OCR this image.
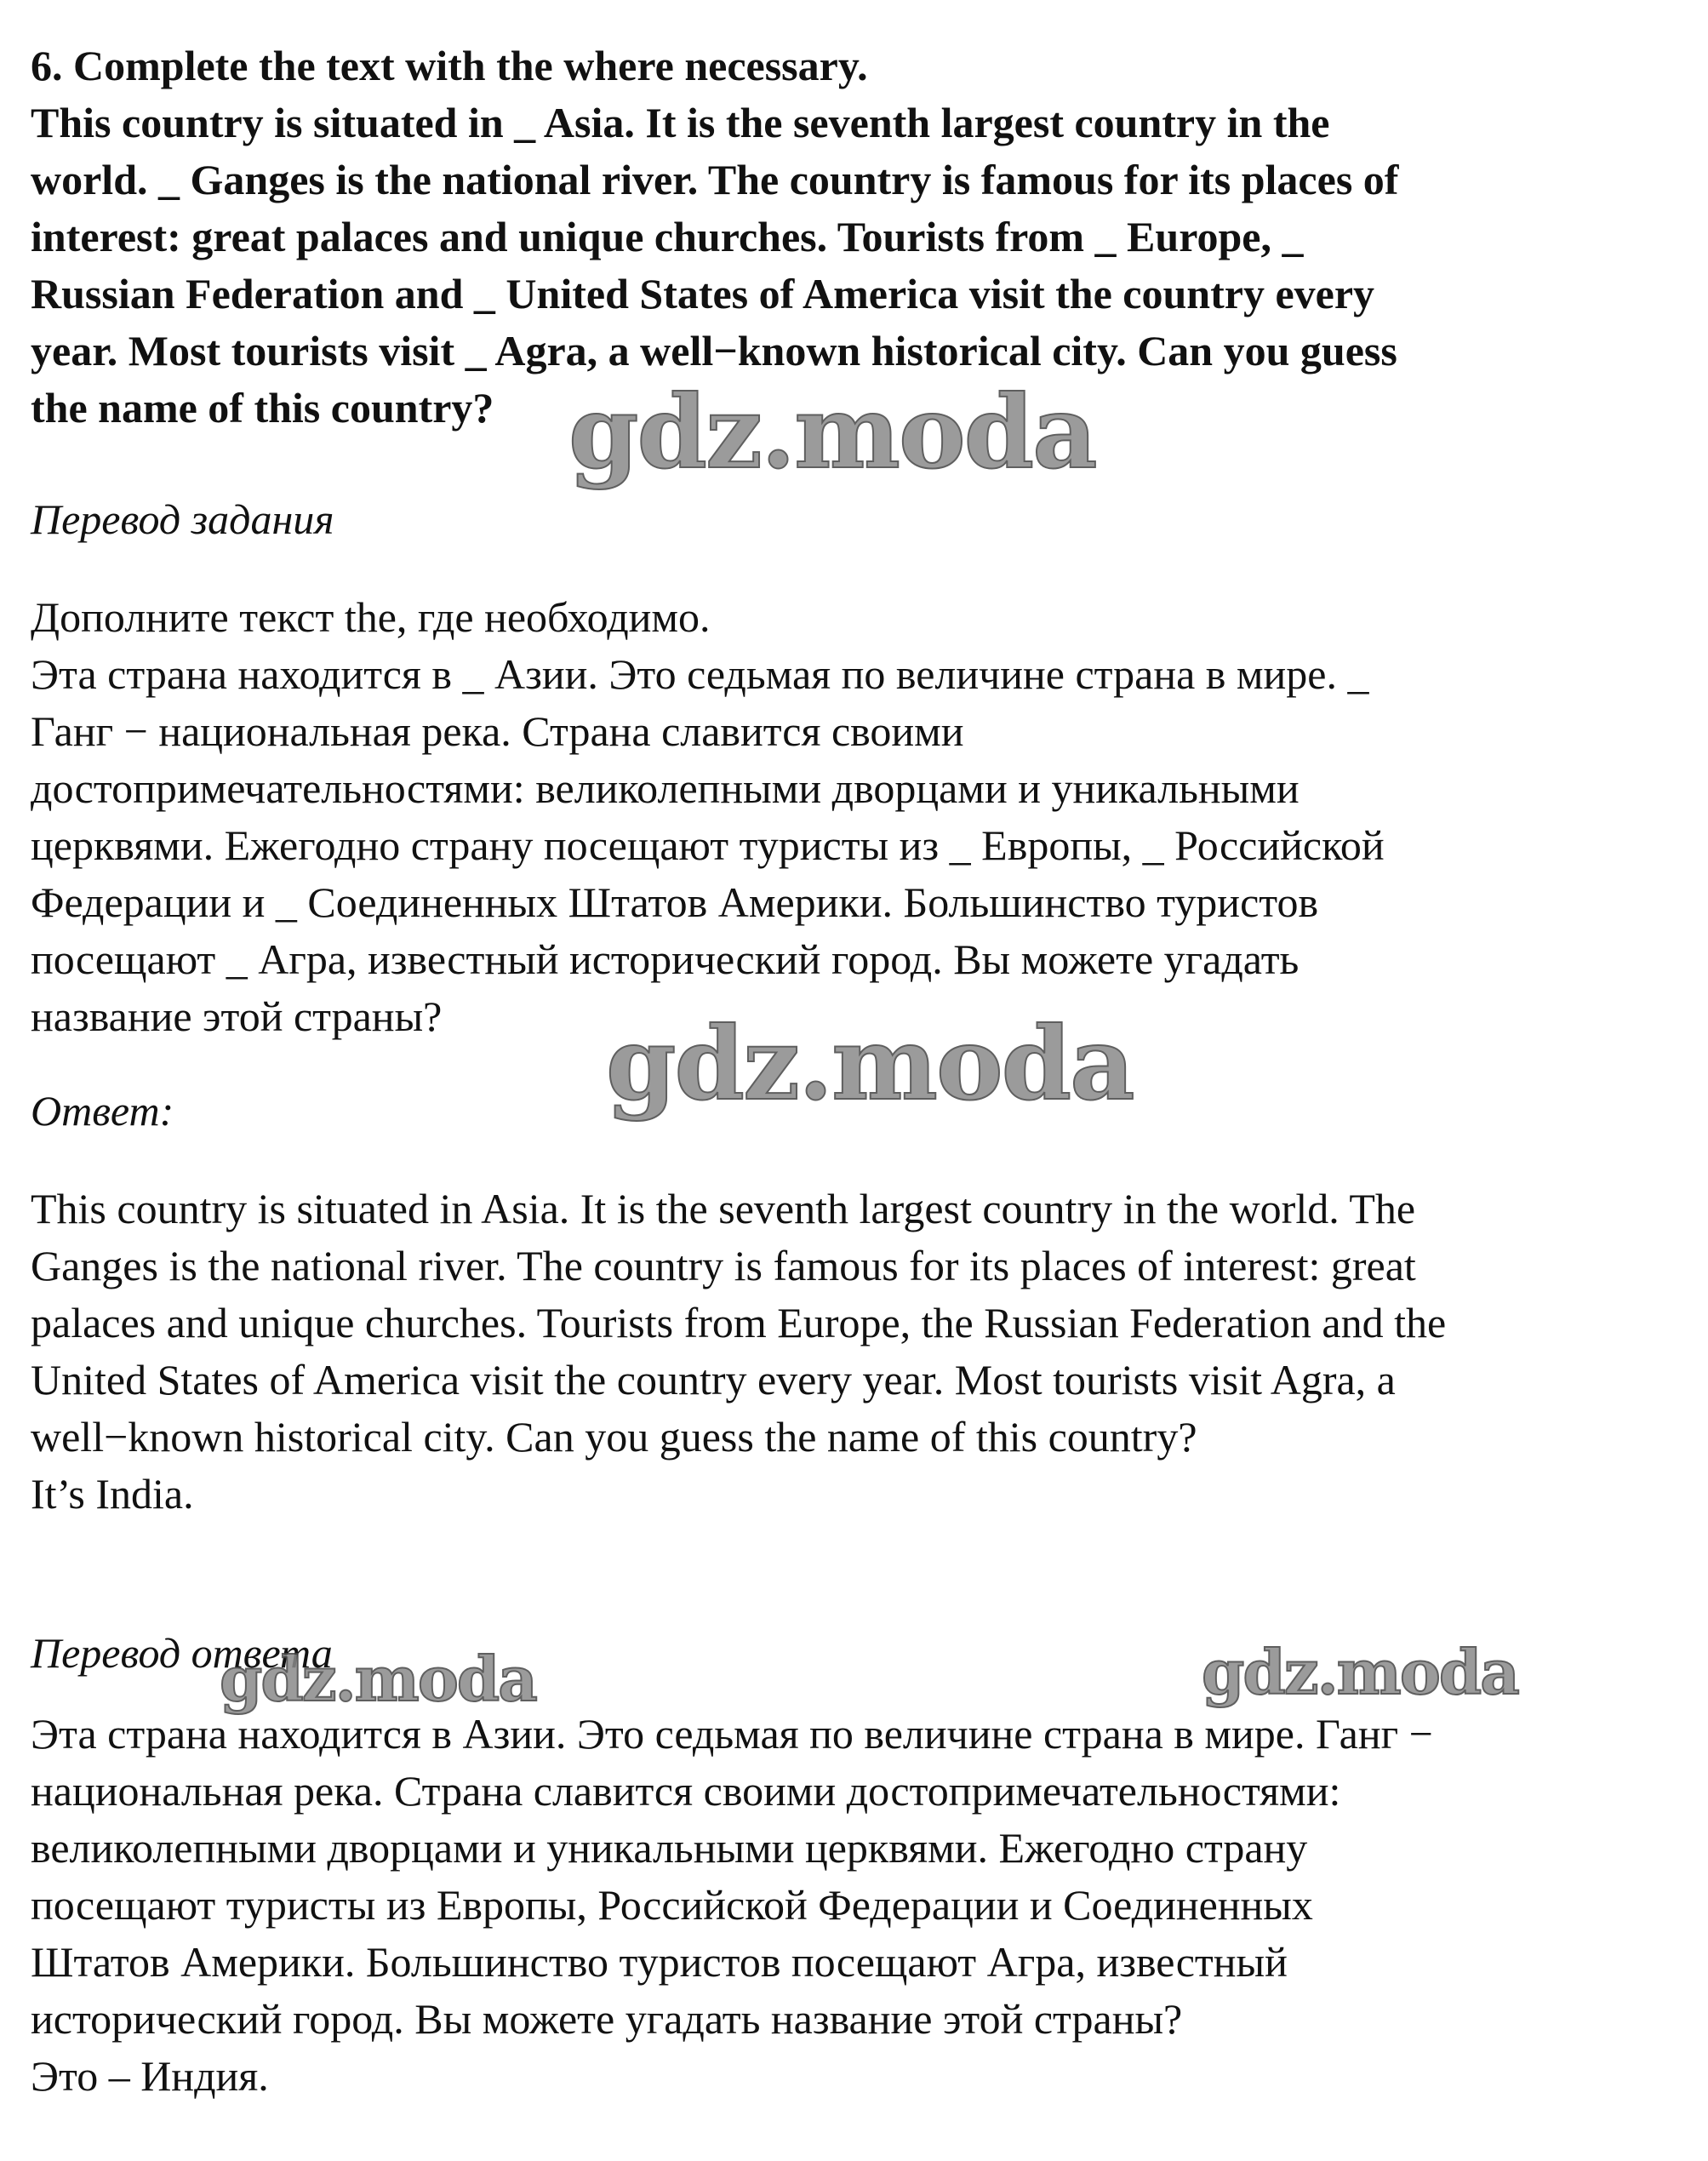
6. Complete the text with the where necessary.
This country is situated in _ Asia. It is the seventh largest country in the
world. _ Ganges is the national river. The country is famous for its places of
interest: great palaces and unique churches. Tourists from _ Europe, _
Russian Federation and _ United States of America visit the country every
year. Most tourists visit _ Agra, a well−known historical city. Can you guess
the name of this country?

Перевод задания

Дополните текст the, где необходимо.
Эта страна находится в _ Азии. Это седьмая по величине страна в мире. _
Ганг − национальная река. Страна славится своими
достопримечательностями: великолепными дворцами и уникальными
церквями. Ежегодно страну посещают туристы из _ Европы, _ Российской
Федерации и _ Соединенных Штатов Америки. Большинство туристов
посещают _ Агра, известный исторический город. Вы можете угадать
название этой страны?

Ответ:

This country is situated in Asia. It is the seventh largest country in the world. The
Ganges is the national river. The country is famous for its places of interest: great
palaces and unique churches. Tourists from Europe, the Russian Federation and the
United States of America visit the country every year. Most tourists visit Agra, a
well−known historical city. Can you guess the name of this country?
It’s India.

Перевод ответа

Эта страна находится в Азии. Это седьмая по величине страна в мире. Ганг −
национальная река. Страна славится своими достопримечательностями:
великолепными дворцами и уникальными церквями. Ежегодно страну
посещают туристы из Европы, Российской Федерации и Соединенных
Штатов Америки. Большинство туристов посещают Агра, известный
исторический город. Вы можете угадать название этой страны?
Это – Индия.

gdz.moda
gdz.moda
gdz.moda	gdz.moda
